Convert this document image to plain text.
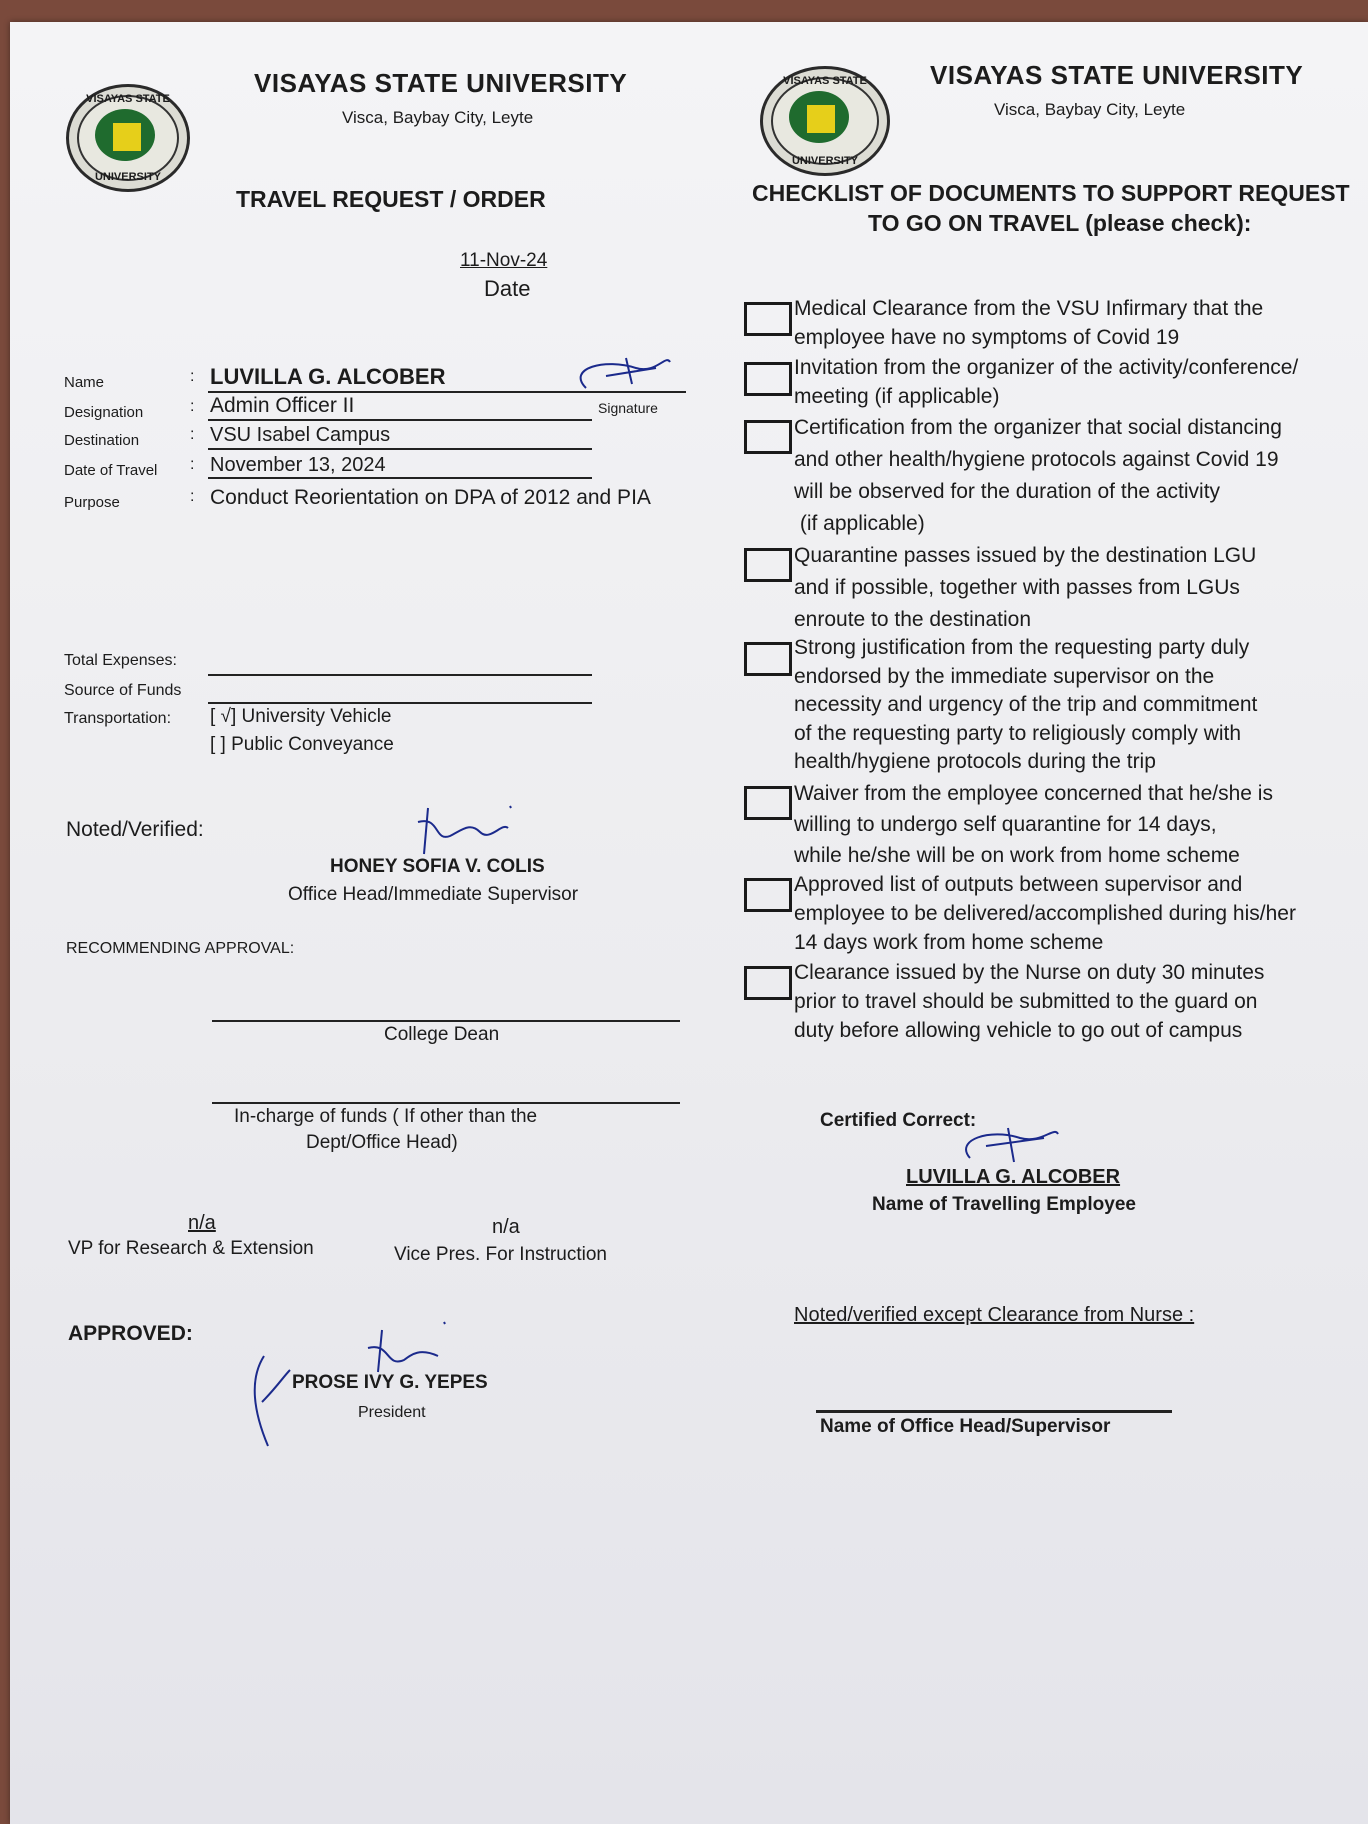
VISAYAS STATE
UNIVERSITY
VISAYAS STATE UNIVERSITY
Visca, Baybay City, Leyte
TRAVEL REQUEST / ORDER
11-Nov-24
Date
Name	: LUVILLA G. ALCOBER
Signature
Designation	: Admin Officer II
Destination	: VSU Isabel Campus
Date of Travel : November 13, 2024
Purpose	: Conduct Reorientation on DPA of 2012 and PIA
Total Expenses:
Source of Funds
Transportation: [ √] University Vehicle
[ ] Public Conveyance
Noted/Verified:
HONEY SOFIA V. COLIS
Office Head/Immediate Supervisor
RECOMMENDING APPROVAL:
College Dean
In-charge of funds ( If other than the
Dept/Office Head)
n/a
VP for Research & Extension
n/a
Vice Pres. For Instruction
APPROVED:
PROSE IVY G. YEPES
President
VISAYAS STATE
UNIVERSITY
VISAYAS STATE UNIVERSITY
Visca, Baybay City, Leyte
CHECKLIST OF DOCUMENTS TO SUPPORT REQUEST
TO GO ON TRAVEL (please check):
Medical Clearance from the VSU Infirmary that the
employee have no symptoms of Covid 19
Invitation from the organizer of the activity/conference/
meeting (if applicable)
Certification from the organizer that social distancing
and other health/hygiene protocols against Covid 19
will be observed for the duration of the activity
(if applicable)
Quarantine passes issued by the destination LGU
and if possible, together with passes from LGUs
enroute to the destination
Strong justification from the requesting party duly
endorsed by the immediate supervisor on the
necessity and urgency of the trip and commitment
of the requesting party to religiously comply with
health/hygiene protocols during the trip
Waiver from the employee concerned that he/she is
willing to undergo self quarantine for 14 days,
while he/she will be on work from home scheme
Approved list of outputs between supervisor and
employee to be delivered/accomplished during his/her
14 days work from home scheme
Clearance issued by the Nurse on duty 30 minutes
prior to travel should be submitted to the guard on
duty before allowing vehicle to go out of campus
Certified Correct:
LUVILLA G. ALCOBER
Name of Travelling Employee
Noted/verified except Clearance from Nurse :
Name of Office Head/Supervisor
